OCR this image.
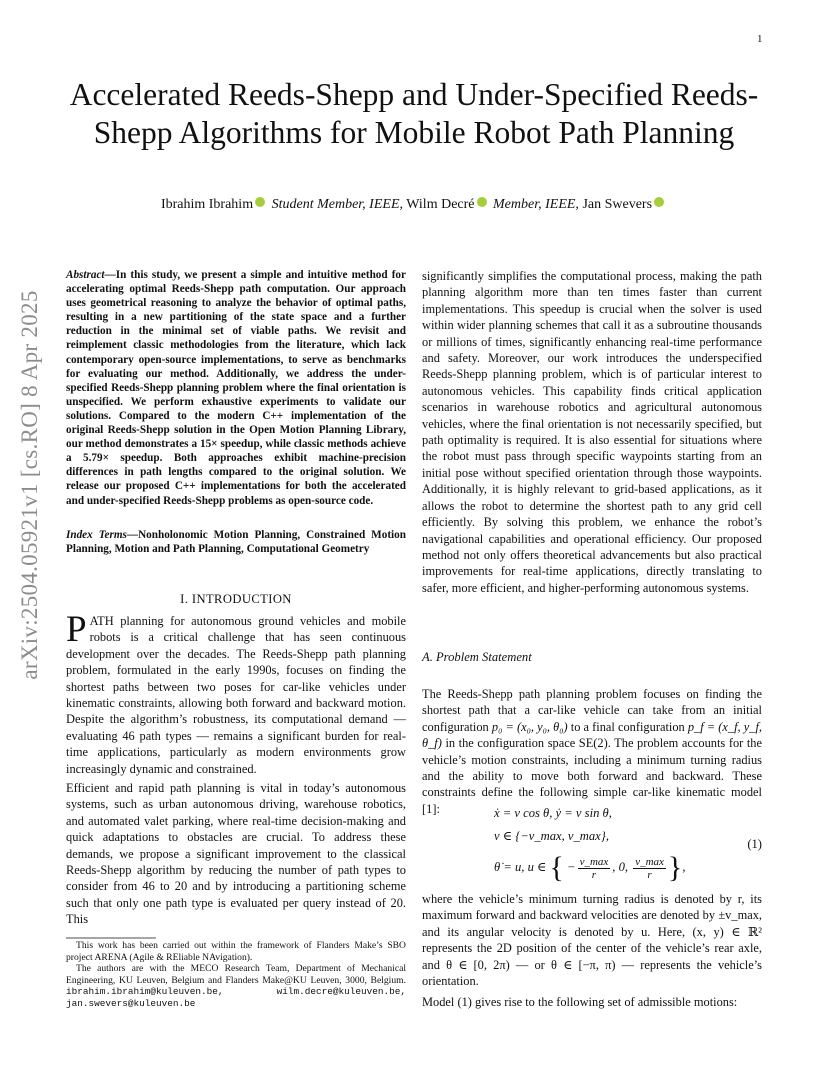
1
arXiv:2504.05921v1 [cs.RO] 8 Apr 2025
Accelerated Reeds-Shepp and Under-Specified Reeds-Shepp Algorithms for Mobile Robot Path Planning
Ibrahim Ibrahim Student Member, IEEE, Wilm Decré Member, IEEE, Jan Swevers
Abstract—In this study, we present a simple and intuitive method for accelerating optimal Reeds-Shepp path computation. Our approach uses geometrical reasoning to analyze the behavior of optimal paths, resulting in a new partitioning of the state space and a further reduction in the minimal set of viable paths. We revisit and reimplement classic methodologies from the literature, which lack contemporary open-source implementations, to serve as benchmarks for evaluating our method. Additionally, we address the under-specified Reeds-Shepp planning problem where the final orientation is unspecified. We perform exhaustive experiments to validate our solutions. Compared to the modern C++ implementation of the original Reeds-Shepp solution in the Open Motion Planning Library, our method demonstrates a 15× speedup, while classic methods achieve a 5.79× speedup. Both approaches exhibit machine-precision differences in path lengths compared to the original solution. We release our proposed C++ implementations for both the accelerated and under-specified Reeds-Shepp problems as open-source code.
Index Terms—Nonholonomic Motion Planning, Constrained Motion Planning, Motion and Path Planning, Computational Geometry
I. INTRODUCTION
PATH planning for autonomous ground vehicles and mobile robots is a critical challenge that has seen continuous development over the decades. The Reeds-Shepp path planning problem, formulated in the early 1990s, focuses on finding the shortest paths between two poses for car-like vehicles under kinematic constraints, allowing both forward and backward motion. Despite the algorithm’s robustness, its computational demand — evaluating 46 path types — remains a significant burden for real-time applications, particularly as modern environments grow increasingly dynamic and constrained.
Efficient and rapid path planning is vital in today’s autonomous systems, such as urban autonomous driving, warehouse robotics, and automated valet parking, where real-time decision-making and quick adaptations to obstacles are crucial. To address these demands, we propose a significant improvement to the classical Reeds-Shepp algorithm by reducing the number of path types to consider from 46 to 20 and by introducing a partitioning scheme such that only one path type is evaluated per query instead of 20. This
This work has been carried out within the framework of Flanders Make’s SBO project ARENA (Agile & REliable NAvigation).
The authors are with the MECO Research Team, Department of Mechanical Engineering, KU Leuven, Belgium and Flanders Make@KU Leuven, 3000, Belgium. ibrahim.ibrahim@kuleuven.be, wilm.decre@kuleuven.be, jan.swevers@kuleuven.be
significantly simplifies the computational process, making the path planning algorithm more than ten times faster than current implementations. This speedup is crucial when the solver is used within wider planning schemes that call it as a subroutine thousands or millions of times, significantly enhancing real-time performance and safety. Moreover, our work introduces the underspecified Reeds-Shepp planning problem, which is of particular interest to autonomous vehicles. This capability finds critical application scenarios in warehouse robotics and agricultural autonomous vehicles, where the final orientation is not necessarily specified, but path optimality is required. It is also essential for situations where the robot must pass through specific waypoints starting from an initial pose without specified orientation through those waypoints. Additionally, it is highly relevant to grid-based applications, as it allows the robot to determine the shortest path to any grid cell efficiently. By solving this problem, we enhance the robot’s navigational capabilities and operational efficiency. Our proposed method not only offers theoretical advancements but also practical improvements for real-time applications, directly translating to safer, more efficient, and higher-performing autonomous systems.
A. Problem Statement
The Reeds-Shepp path planning problem focuses on finding the shortest path that a car-like vehicle can take from an initial configuration p₀ = (x₀, y₀, θ₀) to a final configuration p_f = (x_f, y_f, θ_f) in the configuration space SE(2). The problem accounts for the vehicle’s motion constraints, including a minimum turning radius and the ability to move both forward and backward. These constraints define the following simple car-like kinematic model [1]:	ẋ = v cos θ, ẏ = v sin θ,
v ∈ {−v_max, v_max},
θ̇ = u, u ∈ { − $\frac{v\_\max}{r}$ , 0, $\frac{v\_\max}{r}$ },
(1)
where the vehicle’s minimum turning radius is denoted by r, its maximum forward and backward velocities are denoted by ±v_max, and its angular velocity is denoted by u. Here, (x, y) ∈ ℝ² represents the 2D position of the center of the vehicle’s rear axle, and θ ∈ [0, 2π) — or θ ∈ [−π, π) — represents the vehicle’s orientation.
Model (1) gives rise to the following set of admissible motions:
